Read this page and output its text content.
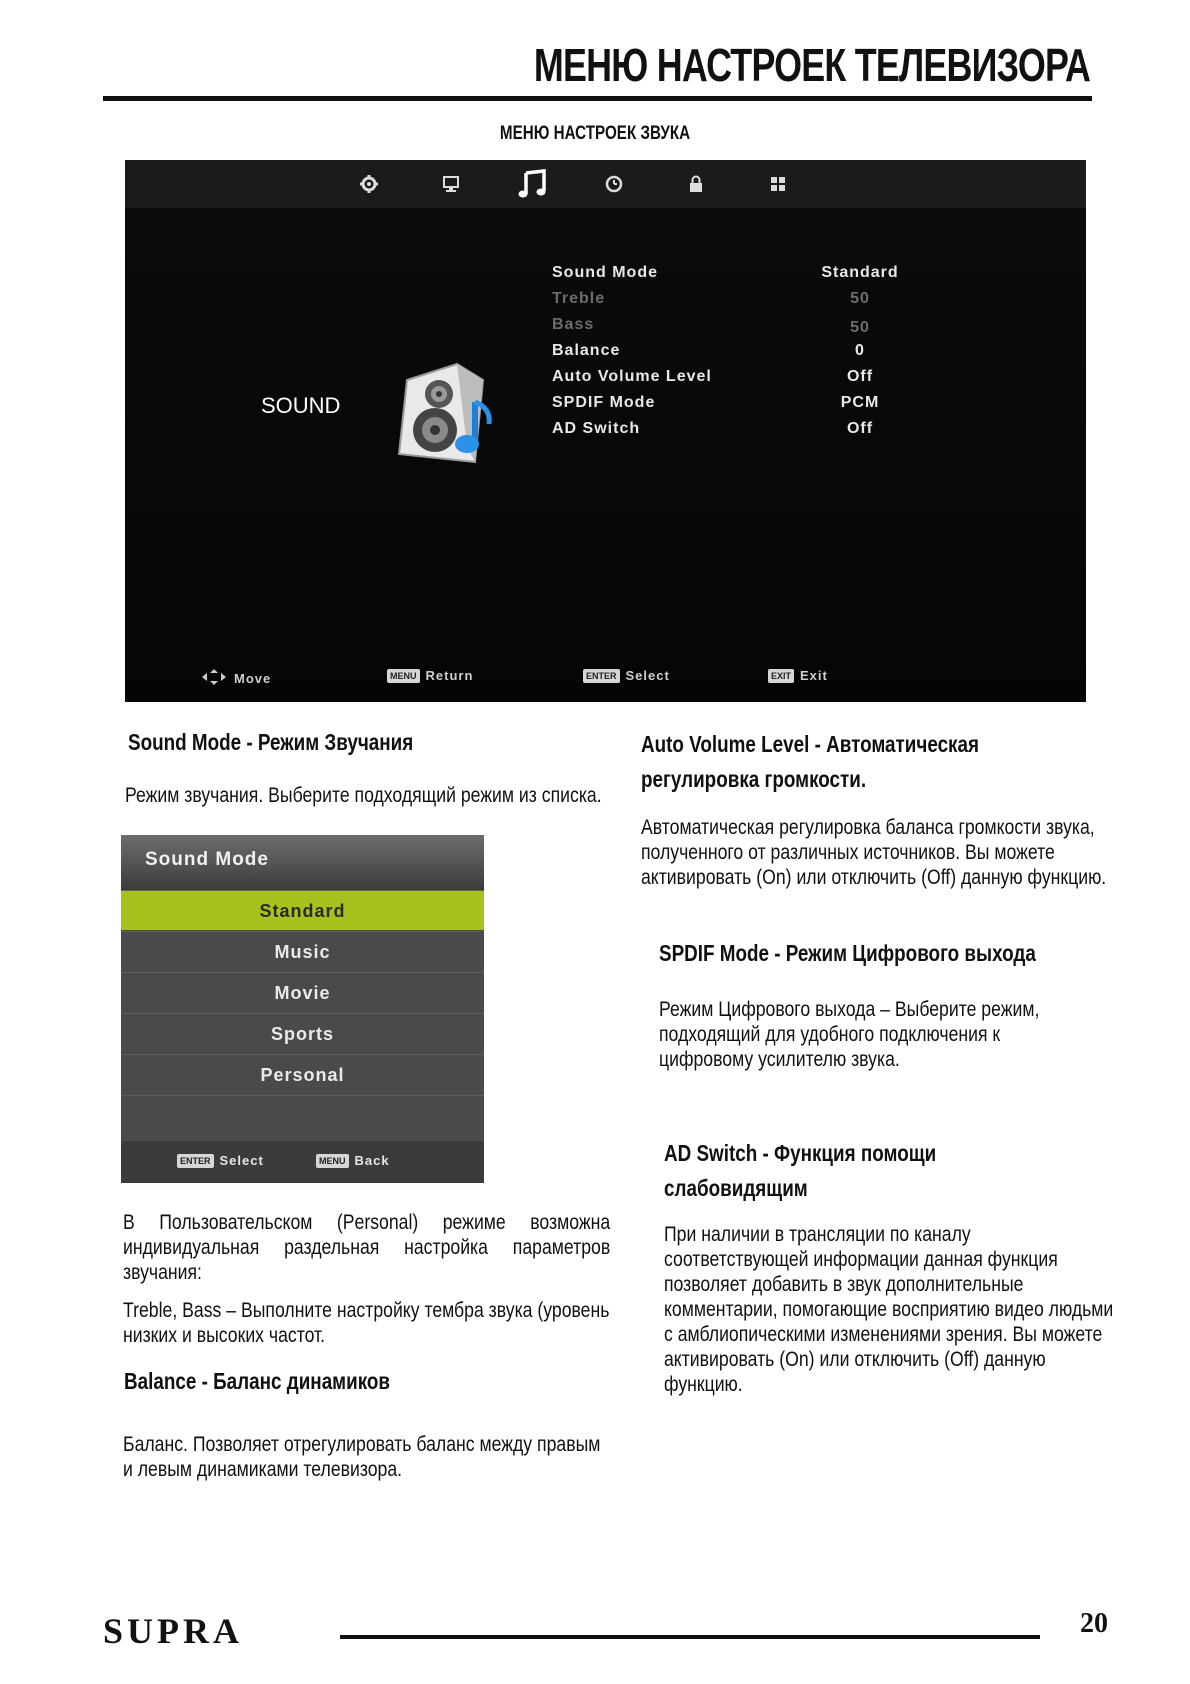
МЕНЮ НАСТРОЕК ТЕЛЕВИЗОРА
МЕНЮ НАСТРОЕК ЗВУКА
SOUND
Sound Mode	Standard
Treble	50
Bass	50
Balance	0
Auto Volume Level	Off
SPDIF Mode	PCM
AD Switch	Off
Move	MENU Return	ENTER Select	EXIT Exit
Sound Mode - Режим Звучания
Режим звучания. Выберите подходящий режим из списка.
Sound Mode
Standard
Music
Movie
Sports
Personal
ENTER Select	MENU Back
В Пользовательском (Personal) режиме возможна индивидуальная раздельная настройка параметров звучания:
Treble, Bass – Выполните настройку тембра звука (уровень низких и высоких частот.
Balance - Баланс динамиков
Баланс. Позволяет отрегулировать баланс между правым и левым динамиками телевизора.
Auto Volume Level - Автоматическая
регулировка громкости.
Автоматическая регулировка баланса громкости звука, полученного от различных источников. Вы можете активировать (On) или отключить (Off) данную функцию.
SPDIF Mode - Режим Цифрового выхода
Режим Цифрового выхода – Выберите режим, подходящий для удобного подключения к цифровому усилителю звука.
AD Switch - Функция помощи
слабовидящим
При наличии в трансляции по каналу соответствующей информации данная функция позволяет добавить в звук дополнительные комментарии, помогающие восприятию видео людьми с амблиопическими изменениями зрения. Вы можете активировать (On) или отключить (Off) данную функцию.
SUPRA	20
